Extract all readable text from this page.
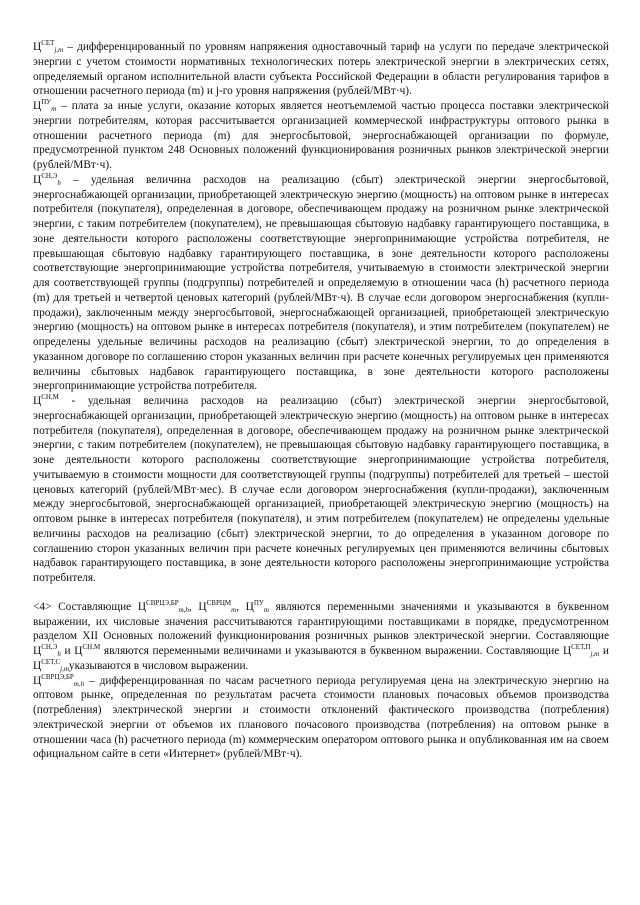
$Ц^{СЕТ}_{j,m}$ – дифференцированный по уровням напряжения одноставочный тариф на услуги по передаче электрической энергии с учетом стоимости нормативных технологических потерь электрической энергии в электрических сетях, определяемый органом исполнительной власти субъекта Российской Федерации в области регулирования тарифов в отношении расчетного периода (m) и j-го уровня напряжения (рублей/МВт·ч).

$Ц^{ПУ}_m$ – плата за иные услуги, оказание которых является неотъемлемой частью процесса поставки электрической энергии потребителям, которая рассчитывается организацией коммерческой инфраструктуры оптового рынка в отношении расчетного периода (m) для энергосбытовой, энергоснабжающей организации по формуле, предусмотренной пунктом 248 Основных положений функционирования розничных рынков электрической энергии (рублей/МВт·ч).

$Ц^{СН,Э}_h$ – удельная величина расходов на реализацию (сбыт) электрической энергии энергосбытовой, энергоснабжающей организации, приобретающей электрическую энергию (мощность) на оптовом рынке в интересах потребителя (покупателя), определенная в договоре, обеспечивающем продажу на розничном рынке электрической энергии, с таким потребителем (покупателем), не превышающая сбытовую надбавку гарантирующего поставщика, в зоне деятельности которого расположены соответствующие энергопринимающие устройства потребителя, не превышающая сбытовую надбавку гарантирующего поставщика, в зоне деятельности которого расположены соответствующие энергопринимающие устройства потребителя, учитываемую в стоимости электрической энергии для соответствующей группы (подгруппы) потребителей и определяемую в отношении часа (h) расчетного периода (m) для третьей и четвертой ценовых категорий (рублей/МВт·ч). В случае если договором энергоснабжения (купли-продажи), заключенным между энергосбытовой, энергоснабжающей организацией, приобретающей электрическую энергию (мощность) на оптовом рынке в интересах потребителя (покупателя), и этим потребителем (покупателем) не определены удельные величины расходов на реализацию (сбыт) электрической энергии, то до определения в указанном договоре по соглашению сторон указанных величин при расчете конечных регулируемых цен применяются величины сбытовых надбавок гарантирующего поставщика, в зоне деятельности которого расположены энергопринимающие устройства потребителя.

$Ц^{СН,М}$ - удельная величина расходов на реализацию (сбыт) электрической энергии энергосбытовой, энергоснабжающей организации, приобретающей электрическую энергию (мощность) на оптовом рынке в интересах потребителя (покупателя), определенная в договоре, обеспечивающем продажу на розничном рынке электрической энергии, с таким потребителем (покупателем), не превышающая сбытовую надбавку гарантирующего поставщика, в зоне деятельности которого расположены соответствующие энергопринимающие устройства потребителя, учитываемую в стоимости мощности для соответствующей группы (подгруппы) потребителей для третьей – шестой ценовых категорий (рублей/МВт·мес). В случае если договором энергоснабжения (купли-продажи), заключенным между энергосбытовой, энергоснабжающей организацией, приобретающей электрическую энергию (мощность) на оптовом рынке в интересах потребителя (покупателя), и этим потребителем (покупателем) не определены удельные величины расходов на реализацию (сбыт) электрической энергии, то до определения в указанном договоре по соглашению сторон указанных величин при расчете конечных регулируемых цен применяются величины сбытовых надбавок гарантирующего поставщика, в зоне деятельности которого расположены энергопринимающие устройства потребителя.

<4> Составляющие $Ц^{СВРЦЭ,БР}_{m,h}$, $Ц^{СВРЦМ}_m$, $Ц^{ПУ}_m$ являются переменными значениями и указываются в буквенном выражении, их числовые значения рассчитываются гарантирующими поставщиками в порядке, предусмотренном разделом XII Основных положений функционирования розничных рынков электрической энергии. Составляющие $Ц^{СН,Э}_h$ и $Ц^{СН,М}$ являются переменными величинами и указываются в буквенном выражении. Составляющие $Ц^{СЕТ,П}_{j,m}$ и $Ц^{СЕТ,С}_{j,m}указываются$ в числовом выражении.

$Ц^{СВРЦЭ,БР}_{m,h}$ – дифференцированная по часам расчетного периода регулируемая цена на электрическую энергию на оптовом рынке, определенная по результатам расчета стоимости плановых почасовых объемов производства (потребления) электрической энергии и стоимости отклонений фактического производства (потребления) электрической энергии от объемов их планового почасового производства (потребления) на оптовом рынке в отношении часа (h) расчетного периода (m) коммерческим оператором оптового рынка и опубликованная им на своем официальном сайте в сети «Интернет» (рублей/МВт·ч).
